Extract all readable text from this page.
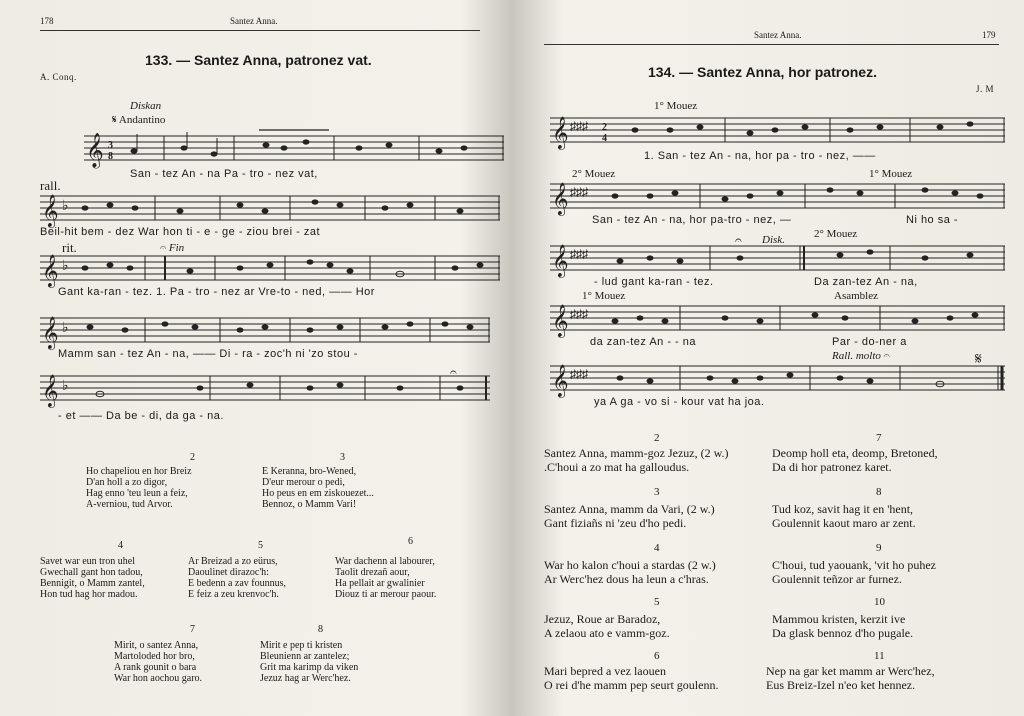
178	Santez Anna.
A. Conq.
133. — Santez Anna, patronez vat.
Diskan
𝄋 Andantino
𝄞 3
8
San - tez An - na Pa - tro - nez vat,
rall.
𝄞 ♭
Beil-hit bem - dez War hon ti - e - ge - ziou brei - zat
rit.	𝄐 Fin
𝄞 ♭
Gant ka-ran - tez. 1. Pa - tro - nez ar Vre-to - ned, —— Hor
𝄞 ♭
Mamm san - tez An - na, —— Di - ra - zoc'h ni 'zo stou -
𝄞 ♭
𝄐
- et —— Da be - di, da ga - na.
2
Ho chapeliou en hor Breiz
D'an holl a zo digor,
Hag enno 'teu leun a feiz,
A-verniou, tud Arvor.
3
E Keranna, bro-Wened,
D'eur merour o pedi,
Ho peus en em ziskouezet...
Bennoz, o Mamm Vari!
4
Savet war eun tron uhel
Gwechall gant hon tadou,
Bennigit, o Mamm zantel,
Hon tud hag hor madou.
5
Ar Breizad a zo eürus,
Daoulinet dirazoc'h:
E bedenn a zav founnus,
E feiz a zeu krenvoc'h.
6
War dachenn al labourer,
Taolit drezañ aour,
Ha pellait ar gwalinier
Diouz ti ar merour paour.
7
Mirit, o santez Anna,
Martoloded hor bro,
A rank gounit o bara
War hon aochou garo.
8
Mirit e pep ti kristen
Bleunienn ar zantelez;
Grit ma karimp da viken
Jezuz hag ar Werc'hez.
Santez Anna.	179
134. — Santez Anna, hor patronez.
J. M
1° Mouez
𝄞 ♯♯♯ 2
4
1. San - tez An - na, hor pa - tro - nez, ——
2° Mouez	1° Mouez
𝄞 ♯♯♯
San - tez An - na, hor pa-tro - nez, —	Ni ho sa -
Disk.	2° Mouez
𝄞 ♯♯♯
𝄐
- lud gant ka-ran - tez.	Da zan-tez An - na,
1° Mouez	Asamblez
𝄞 ♯♯♯
da zan-tez An - - na	Par - do-ner a
Rall. molto 𝄐
𝄞 ♯♯♯
𝄋
ya A ga - vo si - kour vat ha joa.
2
Santez Anna, mamm-goz Jezuz, (2 w.)
.C'houi a zo mat ha galloudus.
7
Deomp holl eta, deomp, Bretoned,
Da di hor patronez karet.
3
Santez Anna, mamm da Vari, (2 w.)
Gant fiziañs ni 'zeu d'ho pedi.
8
Tud koz, savit hag it en 'hent,
Goulennit kaout maro ar zent.
4
War ho kalon c'houi a stardas (2 w.)
Ar Werc'hez dous ha leun a c'hras.
9
C'houi, tud yaouank, 'vit ho puhez
Goulennit teñzor ar furnez.
5
Jezuz, Roue ar Baradoz,
A zelaou ato e vamm-goz.
10
Mammou kristen, kerzit ive
Da glask bennoz d'ho pugale.
6
Mari bepred a vez laouen
O rei d'he mamm pep seurt goulenn.
11
Nep na gar ket mamm ar Werc'hez,
Eus Breiz-Izel n'eo ket hennez.
